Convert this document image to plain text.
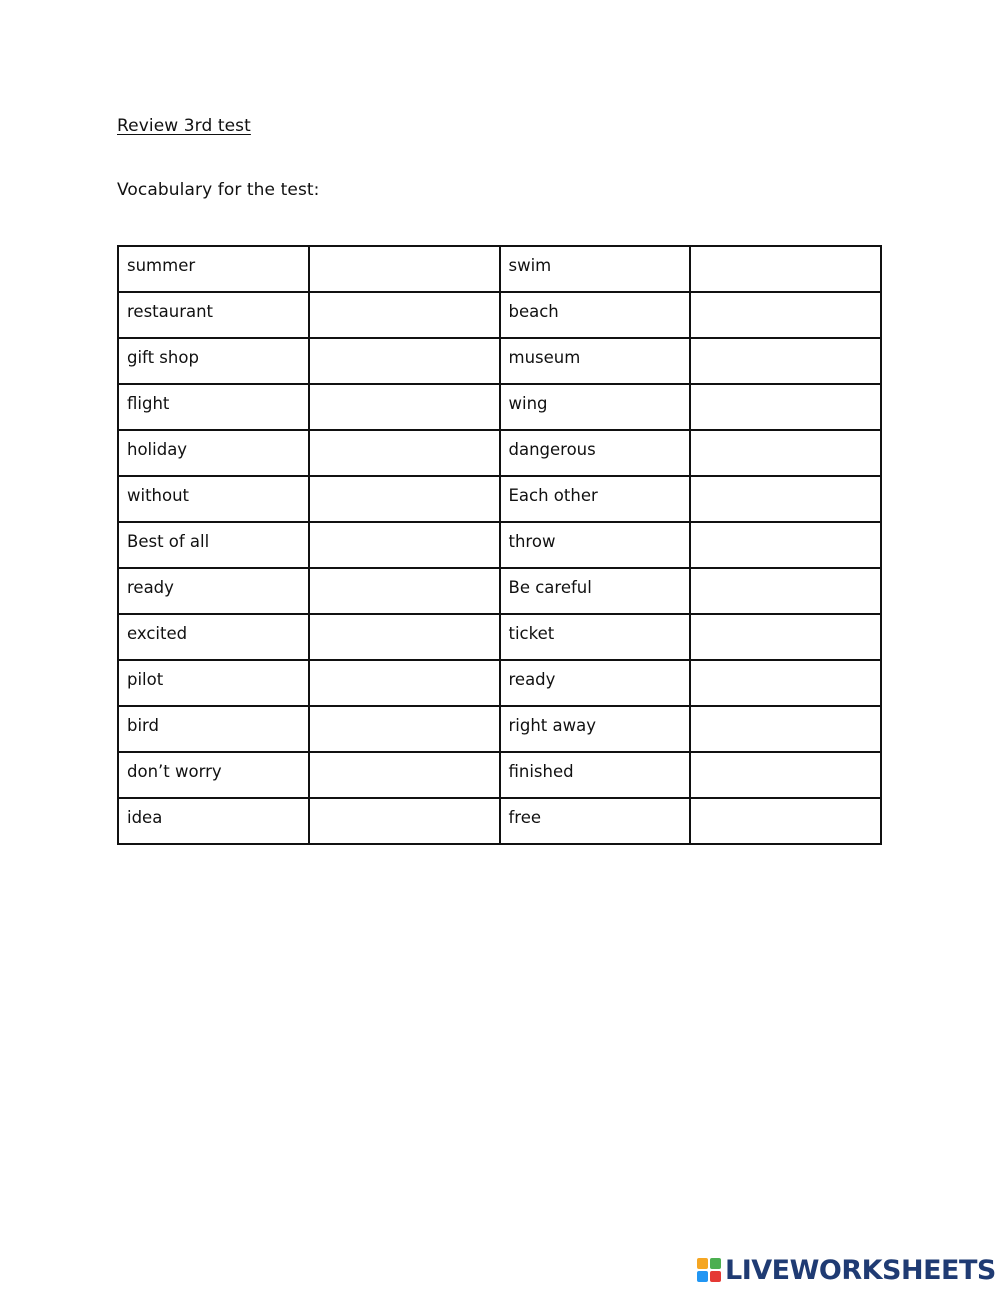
Review 3rd test
Vocabulary for the test:
summer		swim	
restaurant		beach	
gift shop		museum	
flight		wing	
holiday		dangerous	
without		Each other	
Best of all		throw	
ready		Be careful	
excited		ticket	
pilot		ready	
bird		right away	
don’t worry		finished	
idea		free	
LIVEWORKSHEETS
